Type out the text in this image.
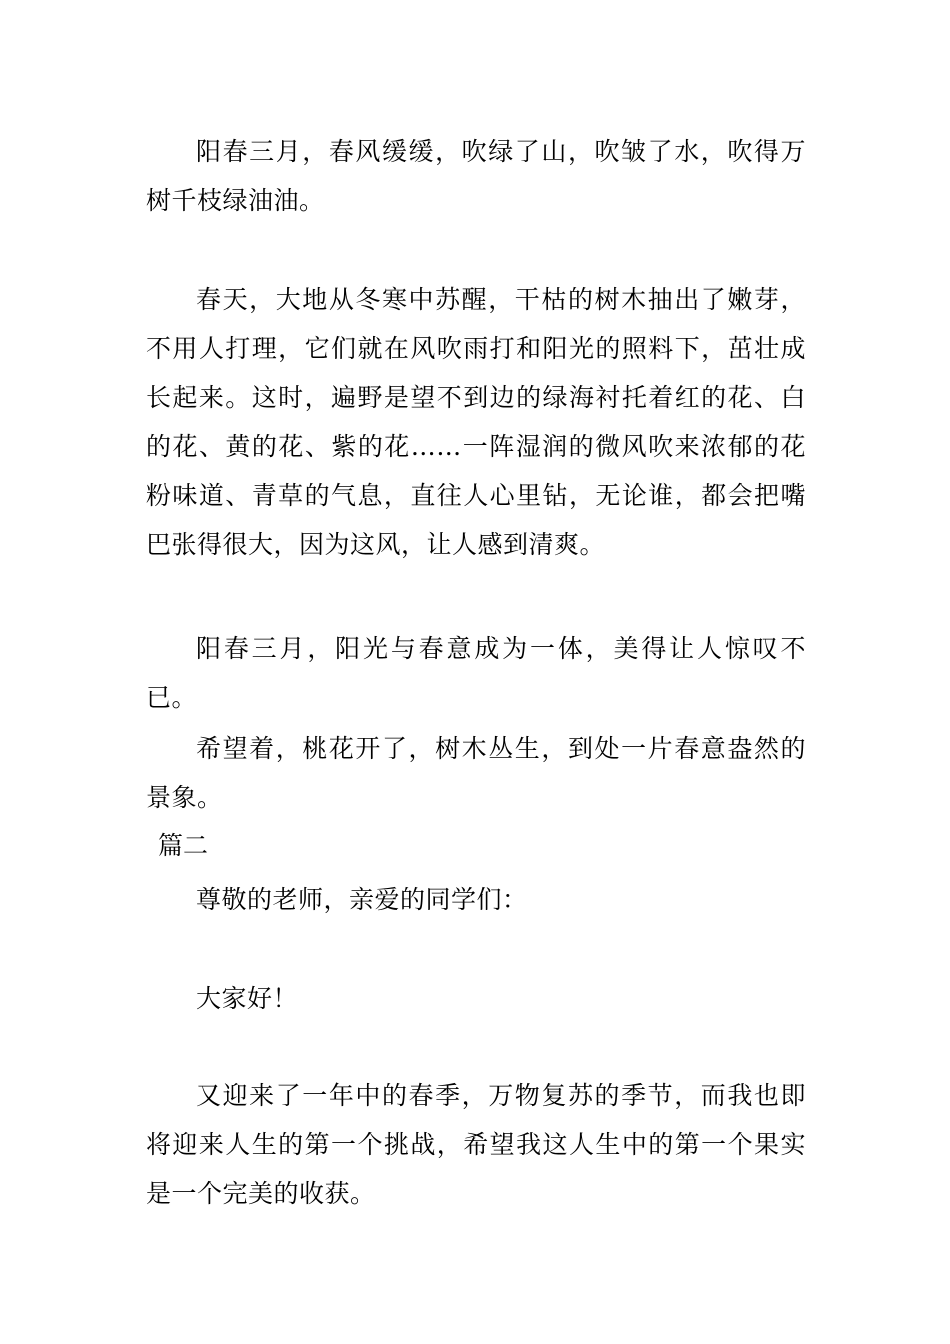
阳春三月，春风缓缓，吹绿了山，吹皱了水，吹得万树千枝绿油油。

春天，大地从冬寒中苏醒，干枯的树木抽出了嫩芽，不用人打理，它们就在风吹雨打和阳光的照料下，茁壮成长起来。这时，遍野是望不到边的绿海衬托着红的花、白的花、黄的花、紫的花……一阵湿润的微风吹来浓郁的花粉味道、青草的气息，直往人心里钻，无论谁，都会把嘴巴张得很大，因为这风，让人感到清爽。

阳春三月，阳光与春意成为一体，美得让人惊叹不已。

希望着，桃花开了，树木丛生，到处一片春意盎然的景象。

篇二

尊敬的老师，亲爱的同学们：

大家好！

又迎来了一年中的春季，万物复苏的季节，而我也即将迎来人生的第一个挑战，希望我这人生中的第一个果实是一个完美的收获。
